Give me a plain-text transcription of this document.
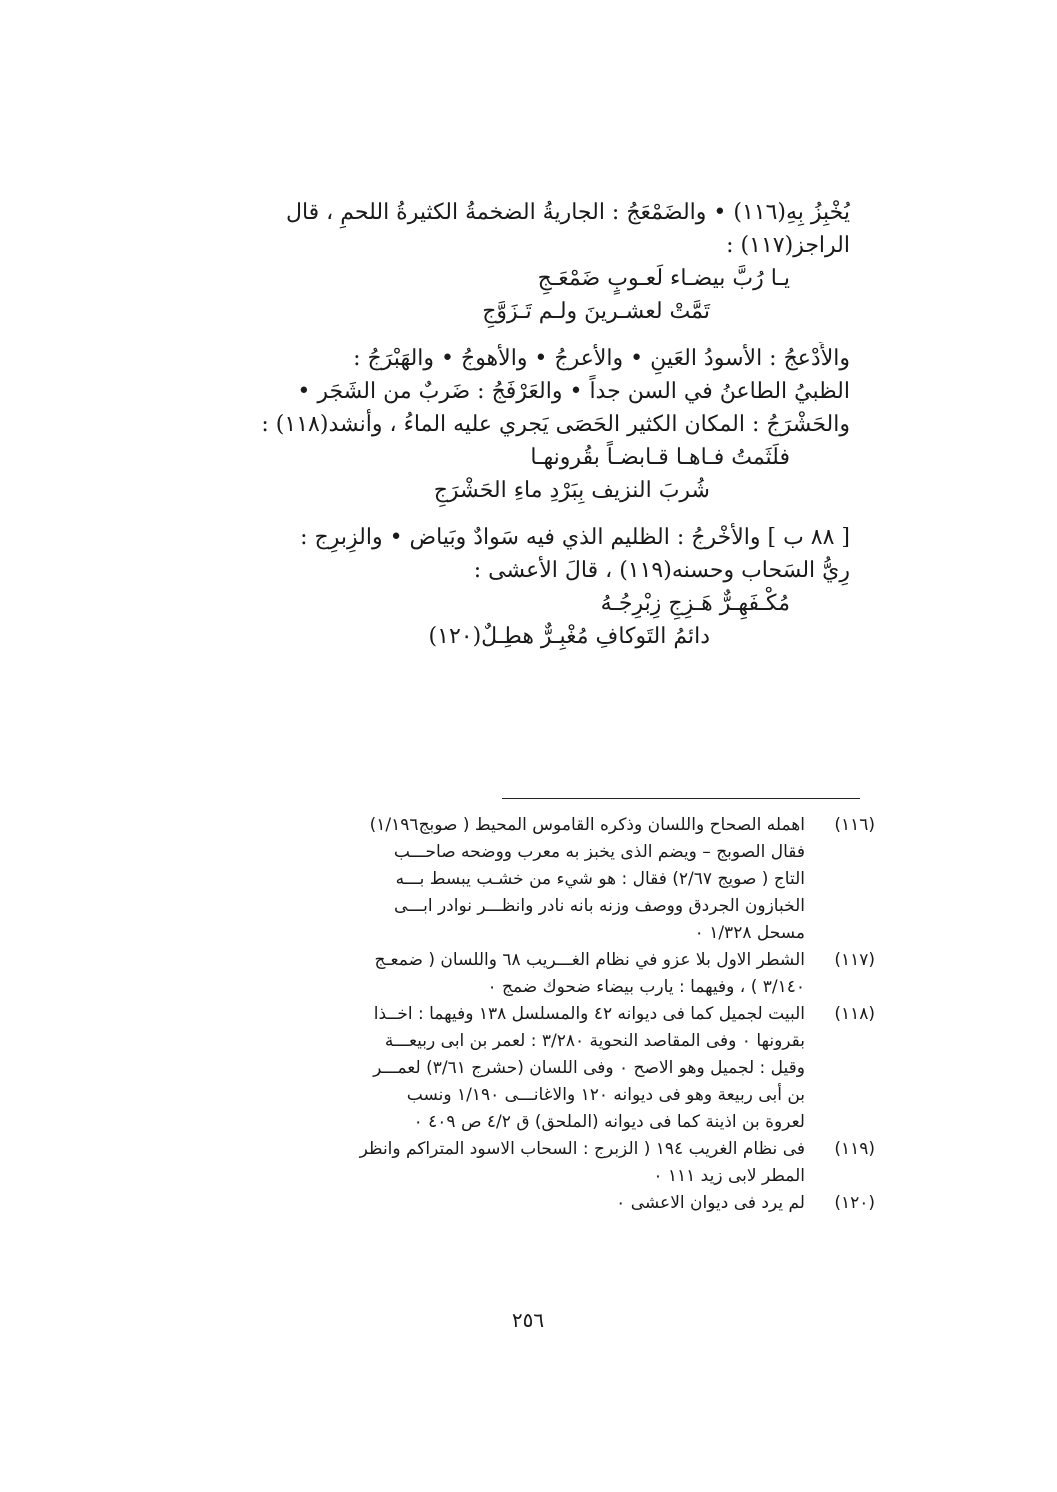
يُخْبِزُ بِهِ(١١٦) • والضَمْعَجُ : الجاريةُ الضخمةُ الكثيرةُ اللحمِ ، قال
الراجز(١١٧) :
يـا رُبَّ بيضـاء لَعـوبٍ ضَمْعَـجِ
تَمَّتْ لعشـرينَ ولـم تَـزَوَّجِ
والأَدْعجُ : الأسودُ العَينِ • والأعرجُ • والأهوجُ • والهَبْرَجُ :
الظبيُ الطاعنُ في السن جداً • والعَرْفَجُ : ضَربٌ من الشَجَر •
والحَشْرَجُ : المكان الكثير الحَصَى يَجري عليه الماءُ ، وأنشد(١١٨) :
فلَثَمتُ فـاهـا قـابضـاً بقُرونهـا
شُربَ النزيف بِبَرْدِ ماءِ الحَشْرَجِ
[ ٨٨ ب ] والأخْرجُ : الظليم الذي فيه سَوادٌ وبَياض • والزِبرِج :
رِيُّ السَحاب وحسنه(١١٩) ، قالَ الأعشى :
مُكْـفَهِـرٌّ هَـزِجٍ زِبْرِجُـهُ
دائمُ التَوكافِ مُغْبِـرٌّ هطِـلٌ(١٢٠)
(١١٦)
اهمله الصحاح واللسان وذكره القاموس المحيط ( صوبج١/١٩٦)
فقال الصوبج – ويضم الذى يخبز به معرب ووضحه صاحـــب
التاج ( صويج ٢/٦٧) فقال : هو شيء من خشـب يبسط بـــه
الخبازون الجردق ووصف وزنه بانه نادر وانظـــر نوادر ابـــى
مسحل ١/٣٢٨ ٠
(١١٧)
الشطر الاول بلا عزو في نظام الغـــريب ٦٨ واللسان ( ضمعـج
٣/١٤٠ ) ، وفيهما : يارب بيضاء ضحوك ضمج ٠
(١١٨)
البيت لجميل كما فى ديوانه ٤٢ والمسلسل ١٣٨ وفيهما : اخــذا
بقرونها ٠ وفى المقاصد النحوية ٣/٢٨٠ : لعمر بن ابى ربيعـــة
وقيل : لجميل وهو الاصح ٠ وفى اللسان (حشرج ٣/٦١) لعمـــر
بن أبى ربيعة وهو فى ديوانه ١٢٠ والاغانـــى ١/١٩٠ ونسب
لعروة بن اذينة كما فى ديوانه (الملحق) ق ٤/٢ ص ٤٠٩ ٠
(١١٩)
فى نظام الغريب ١٩٤ ( الزبرج : السحاب الاسود المتراكم وانظر
المطر لابى زيد ١١١ ٠
(١٢٠)
لم يرد فى ديوان الاعشى ٠
٢٥٦
